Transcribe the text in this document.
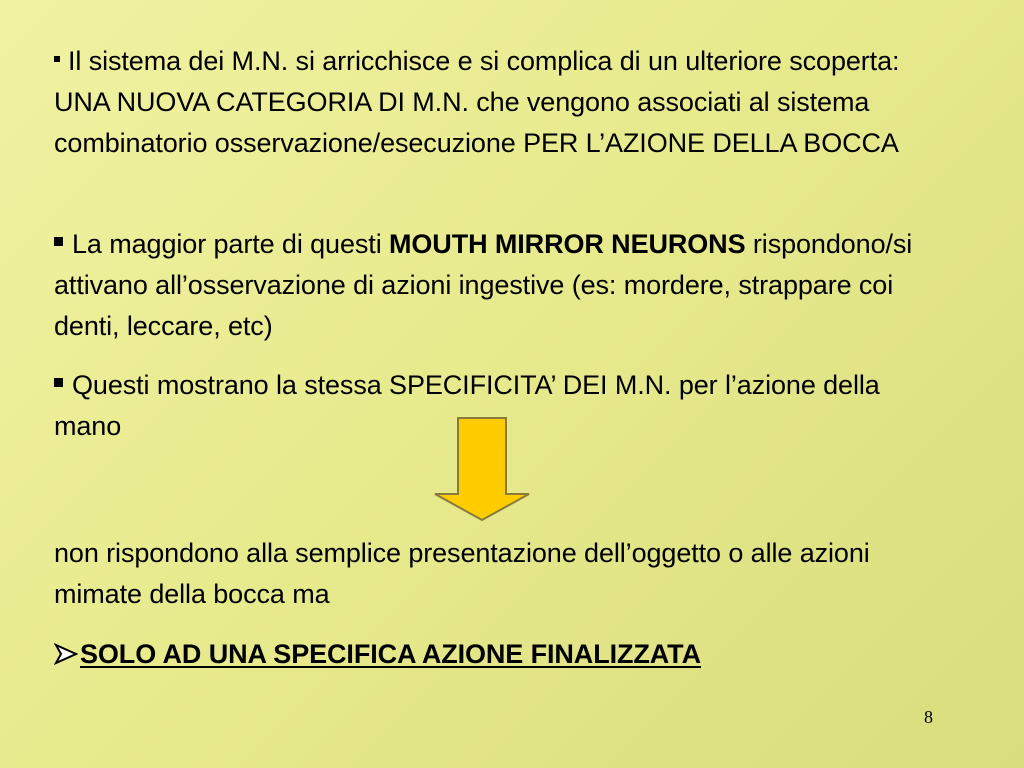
Il sistema dei M.N. si arricchisce e si complica di un ulteriore scoperta: UNA NUOVA CATEGORIA DI M.N. che vengono associati al sistema combinatorio osservazione/esecuzione PER L’AZIONE DELLA BOCCA
La maggior parte di questi MOUTH MIRROR NEURONS rispondono/si attivano all’osservazione di azioni ingestive (es: mordere, strappare coi denti, leccare, etc)
Questi mostrano la stessa SPECIFICITA’ DEI M.N. per l’azione della mano
non rispondono alla semplice presentazione dell’oggetto o alle azioni mimate della bocca ma
SOLO AD UNA SPECIFICA AZIONE FINALIZZATA
8
